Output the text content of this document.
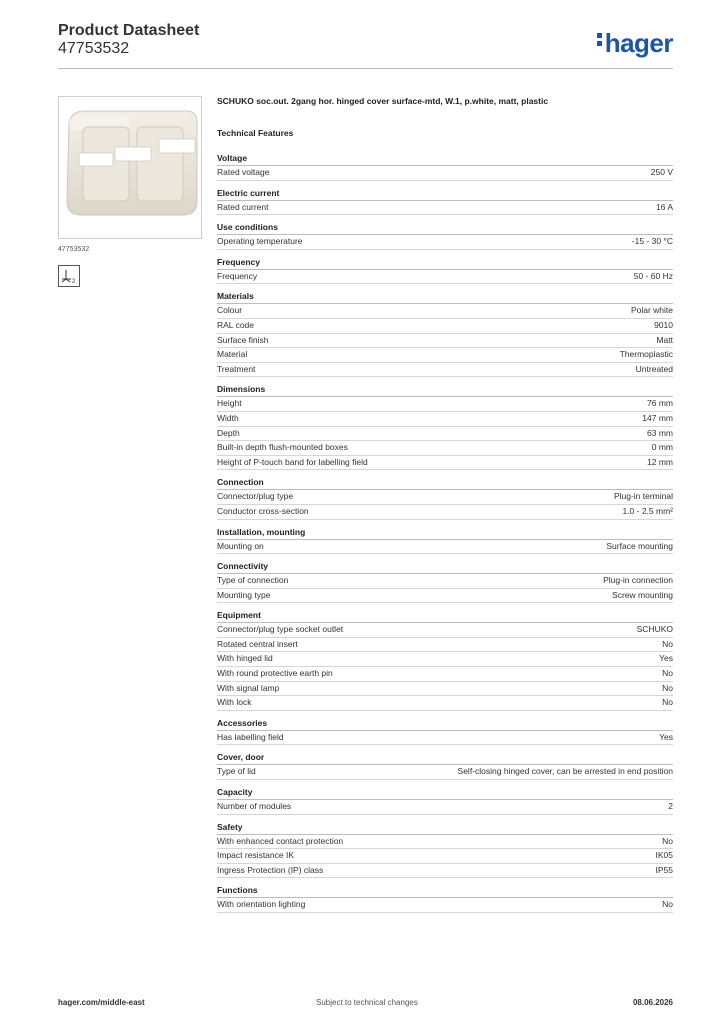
Product Datasheet
47753532	hager
47753532
2
SCHUKO soc.out. 2gang hor. hinged cover surface-mtd, W.1, p.white, matt, plastic
Technical Features
Voltage
Rated voltage	250 V
Electric current
Rated current	16 A
Use conditions
Operating temperature	-15 - 30 °C
Frequency
Frequency	50 - 60 Hz
Materials
Colour	Polar white
RAL code	9010
Surface finish	Matt
Material	Thermoplastic
Treatment	Untreated
Dimensions
Height	76 mm
Width	147 mm
Depth	63 mm
Built-in depth flush-mounted boxes	0 mm
Height of P-touch band for labelling field	12 mm
Connection
Connector/plug type	Plug-in terminal
Conductor cross-section	1.0 - 2.5 mm²
Installation, mounting
Mounting on	Surface mounting
Connectivity
Type of connection	Plug-in connection
Mounting type	Screw mounting
Equipment
Connector/plug type socket outlet	SCHUKO
Rotated central insert	No
With hinged lid	Yes
With round protective earth pin	No
With signal lamp	No
With lock	No
Accessories
Has labelling field	Yes
Cover, door
Type of lid	Self-closing hinged cover, can be arrested in end position
Capacity
Number of modules	2
Safety
With enhanced contact protection	No
Impact resistance IK	IK05
Ingress Protection (IP) class	IP55
Functions
With orientation lighting	No
hager.com/middle-east	Subject to technical changes	08.06.2026
